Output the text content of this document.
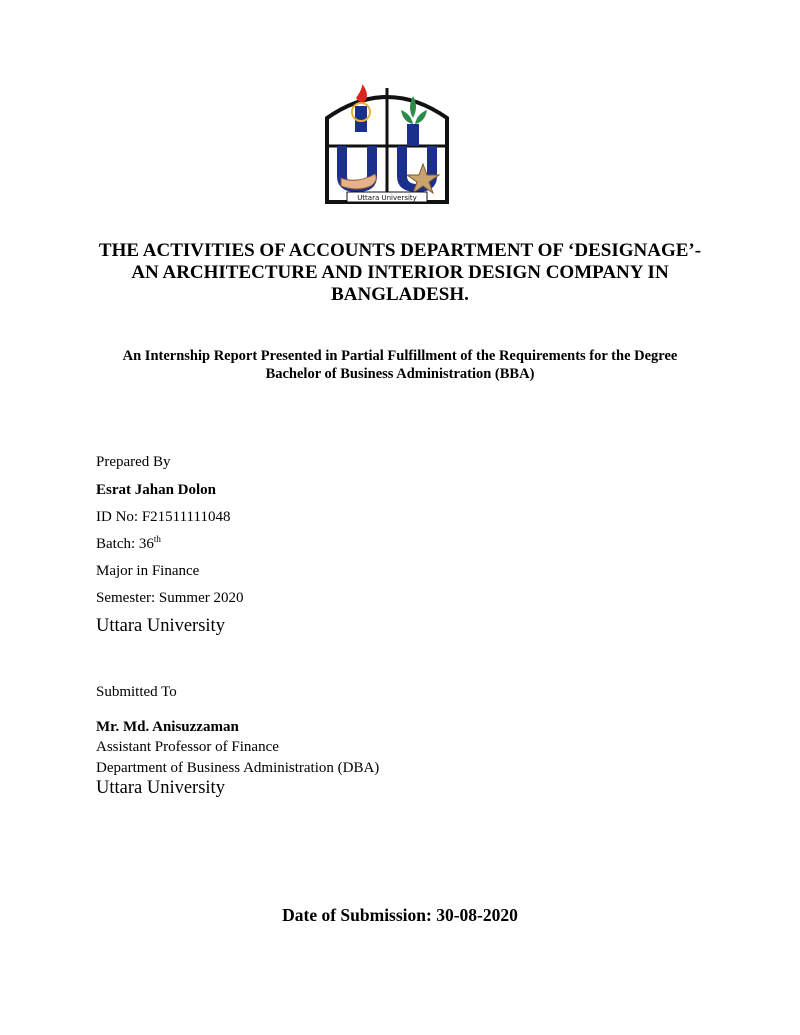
Uttara University
THE ACTIVITIES OF ACCOUNTS DEPARTMENT OF ‘DESIGNAGE’-
AN ARCHITECTURE AND INTERIOR DESIGN COMPANY IN
BANGLADESH.
An Internship Report Presented in Partial Fulfillment of the Requirements for the Degree
Bachelor of Business Administration (BBA)
Prepared By
Esrat Jahan Dolon
ID No: F21511111048
Batch: 36th
Major in Finance
Semester: Summer 2020
Uttara University
Submitted To
Mr. Md. Anisuzzaman
Assistant Professor of Finance
Department of Business Administration (DBA)
Uttara University
Date of Submission: 30-08-2020
